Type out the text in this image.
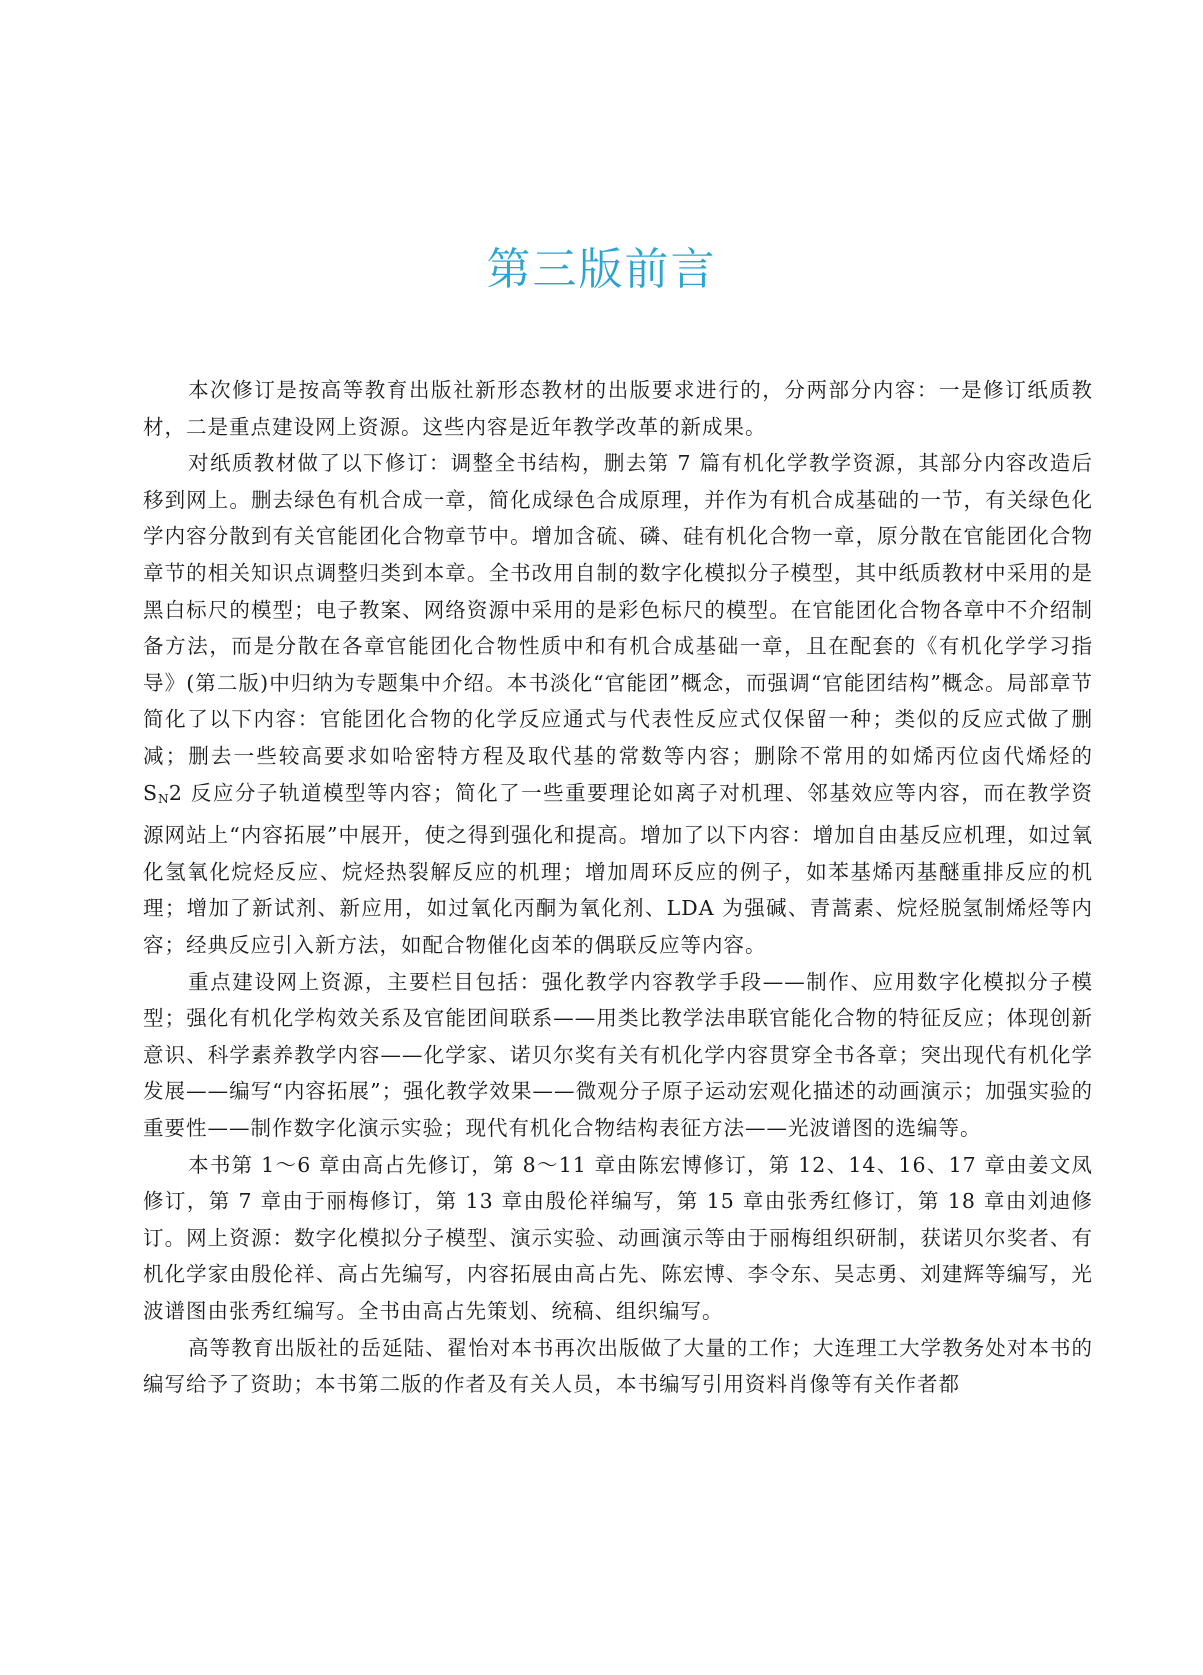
第三版前言

本次修订是按高等教育出版社新形态教材的出版要求进行的，分两部分内容：一是修订纸质教材，二是重点建设网上资源。这些内容是近年教学改革的新成果。

对纸质教材做了以下修订：调整全书结构，删去第 7 篇有机化学教学资源，其部分内容改造后移到网上。删去绿色有机合成一章，简化成绿色合成原理，并作为有机合成基础的一节，有关绿色化学内容分散到有关官能团化合物章节中。增加含硫、磷、硅有机化合物一章，原分散在官能团化合物章节的相关知识点调整归类到本章。全书改用自制的数字化模拟分子模型，其中纸质教材中采用的是黑白标尺的模型；电子教案、网络资源中采用的是彩色标尺的模型。在官能团化合物各章中不介绍制备方法，而是分散在各章官能团化合物性质中和有机合成基础一章，且在配套的《有机化学学习指导》(第二版)中归纳为专题集中介绍。本书淡化“官能团”概念，而强调“官能团结构”概念。局部章节简化了以下内容：官能团化合物的化学反应通式与代表性反应式仅保留一种；类似的反应式做了删减；删去一些较高要求如哈密特方程及取代基的常数等内容；删除不常用的如烯丙位卤代烯烃的 $S_N2$ 反应分子轨道模型等内容；简化了一些重要理论如离子对机理、邻基效应等内容，而在教学资源网站上“内容拓展”中展开，使之得到强化和提高。增加了以下内容：增加自由基反应机理，如过氧化氢氧化烷烃反应、烷烃热裂解反应的机理；增加周环反应的例子，如苯基烯丙基醚重排反应的机理；增加了新试剂、新应用，如过氧化丙酮为氧化剂、LDA 为强碱、青蒿素、烷烃脱氢制烯烃等内容；经典反应引入新方法，如配合物催化卤苯的偶联反应等内容。

重点建设网上资源，主要栏目包括：强化教学内容教学手段——制作、应用数字化模拟分子模型；强化有机化学构效关系及官能团间联系——用类比教学法串联官能化合物的特征反应；体现创新意识、科学素养教学内容——化学家、诺贝尔奖有关有机化学内容贯穿全书各章；突出现代有机化学发展——编写“内容拓展”；强化教学效果——微观分子原子运动宏观化描述的动画演示；加强实验的重要性——制作数字化演示实验；现代有机化合物结构表征方法——光波谱图的选编等。

本书第 1～6 章由高占先修订，第 8～11 章由陈宏博修订，第 12、14、16、17 章由姜文凤修订，第 7 章由于丽梅修订，第 13 章由殷伦祥编写，第 15 章由张秀红修订，第 18 章由刘迪修订。网上资源：数字化模拟分子模型、演示实验、动画演示等由于丽梅组织研制，获诺贝尔奖者、有机化学家由殷伦祥、高占先编写，内容拓展由高占先、陈宏博、李令东、吴志勇、刘建辉等编写，光波谱图由张秀红编写。全书由高占先策划、统稿、组织编写。

高等教育出版社的岳延陆、翟怡对本书再次出版做了大量的工作；大连理工大学教务处对本书的编写给予了资助；本书第二版的作者及有关人员，本书编写引用资料肖像等有关作者都
